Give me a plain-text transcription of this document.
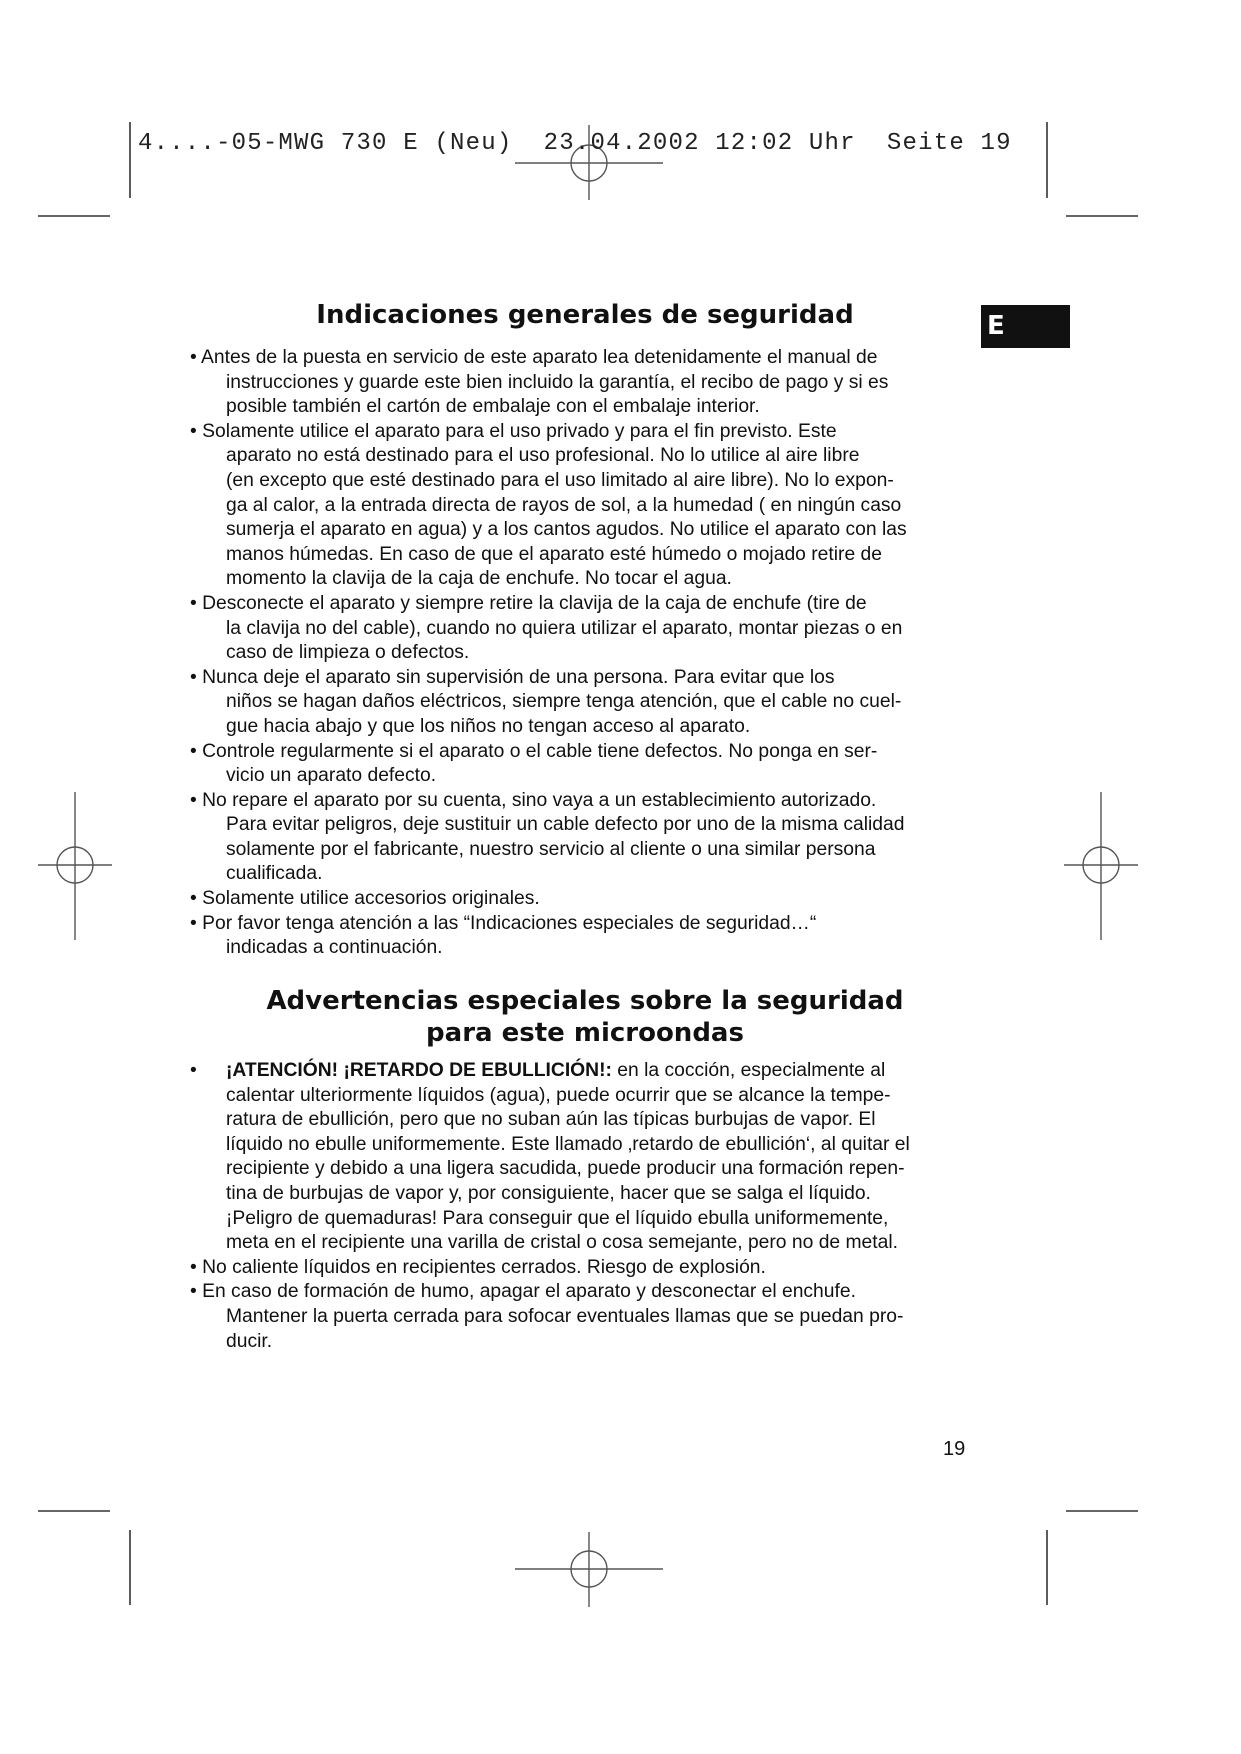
4....-05-MWG 730 E (Neu)  23.04.2002 12:02 Uhr  Seite 19
E
Indicaciones generales de seguridad
• Antes de la puesta en servicio de este aparato lea detenidamente el manual de
instrucciones y guarde este bien incluido la garantía, el recibo de pago y si es
posible también el cartón de embalaje con el embalaje interior.
• Solamente utilice el aparato para el uso privado y para el fin previsto. Este
aparato no está destinado para el uso profesional. No lo utilice al aire libre
(en excepto que esté destinado para el uso limitado al aire libre). No lo expon-
ga al calor, a la entrada directa de rayos de sol, a la humedad ( en ningún caso
sumerja el aparato en agua) y a los cantos agudos. No utilice el aparato con las
manos húmedas. En caso de que el aparato esté húmedo o mojado retire de
momento la clavija de la caja de enchufe. No tocar el agua.
• Desconecte el aparato y siempre retire la clavija de la caja de enchufe (tire de
la clavija no del cable), cuando no quiera utilizar el aparato, montar piezas o en
caso de limpieza o defectos.
• Nunca deje el aparato sin supervisión de una persona. Para evitar que los
niños se hagan daños eléctricos, siempre tenga atención, que el cable no cuel-
gue hacia abajo y que los niños no tengan acceso al aparato.
• Controle regularmente si el aparato o el cable tiene defectos. No ponga en ser-
vicio un aparato defecto.
• No repare el aparato por su cuenta, sino vaya a un establecimiento autorizado.
Para evitar peligros, deje sustituir un cable defecto por uno de la misma calidad
solamente por el fabricante, nuestro servicio al cliente o una similar persona
cualificada.
• Solamente utilice accesorios originales.
• Por favor tenga atención a las “Indicaciones especiales de seguridad…“
indicadas a continuación.
Advertencias especiales sobre la seguridad
para este microondas
• ¡ATENCIÓN! ¡RETARDO DE EBULLICIÓN!: en la cocción, especialmente al
calentar ulteriormente líquidos (agua), puede ocurrir que se alcance la tempe-
ratura de ebullición, pero que no suban aún las típicas burbujas de vapor. El
líquido no ebulle uniformemente. Este llamado ‚retardo de ebullición‘, al quitar el
recipiente y debido a una ligera sacudida, puede producir una formación repen-
tina de burbujas de vapor y, por consiguiente, hacer que se salga el líquido.
¡Peligro de quemaduras! Para conseguir que el líquido ebulla uniformemente,
meta en el recipiente una varilla de cristal o cosa semejante, pero no de metal.
• No caliente líquidos en recipientes cerrados. Riesgo de explosión.
• En caso de formación de humo, apagar el aparato y desconectar el enchufe.
Mantener la puerta cerrada para sofocar eventuales llamas que se puedan pro-
ducir.
19
